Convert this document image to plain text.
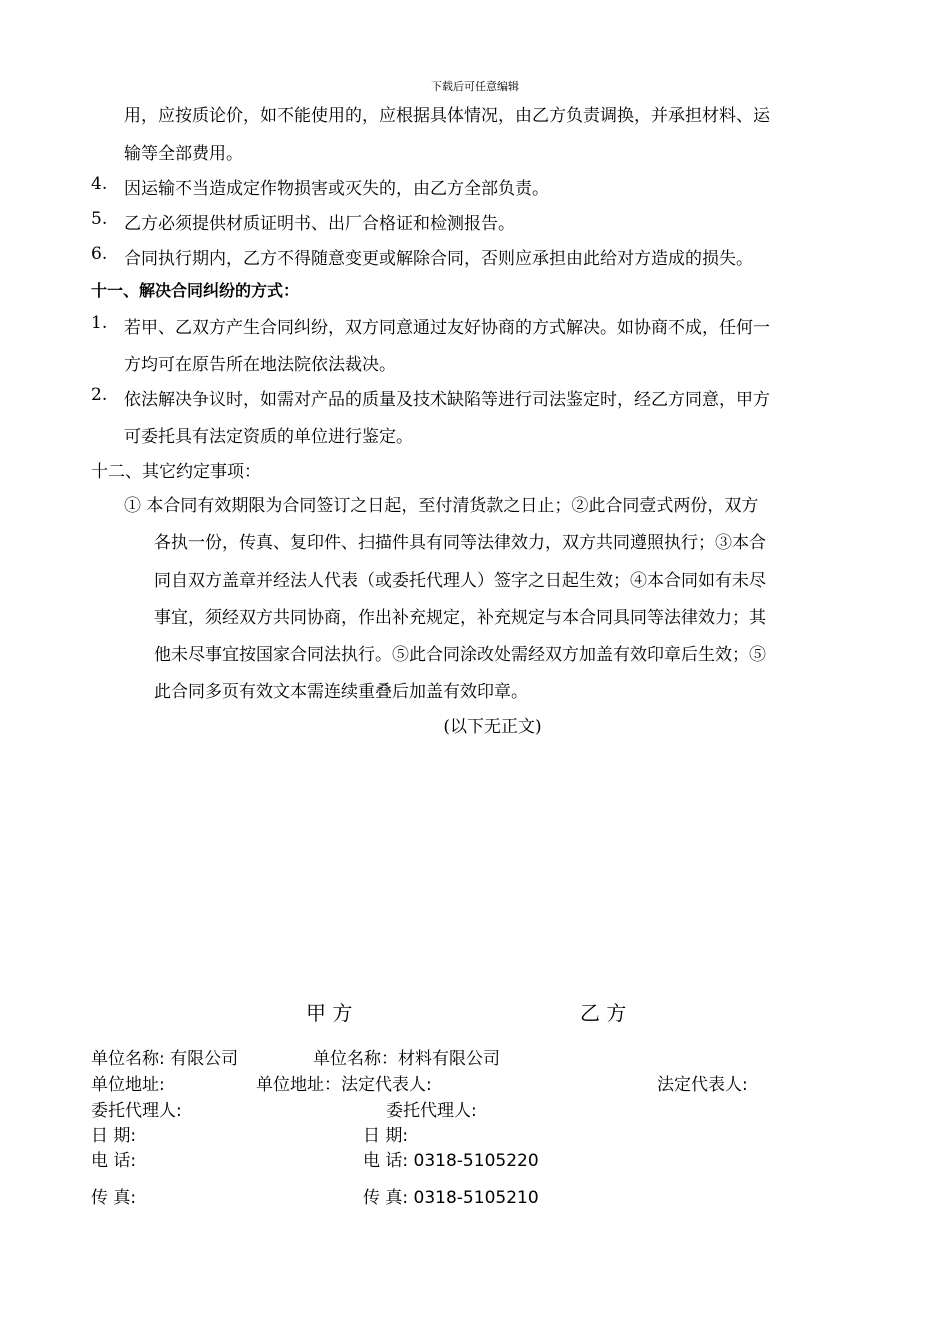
下载后可任意编辑
用，应按质论价，如不能使用的，应根据具体情况，由乙方负责调换，并承担材料、运
输等全部费用。
4. 因运输不当造成定作物损害或灭失的，由乙方全部负责。
5. 乙方必须提供材质证明书、出厂合格证和检测报告。
6. 合同执行期内，乙方不得随意变更或解除合同，否则应承担由此给对方造成的损失。
十一、解决合同纠纷的方式：
1. 若甲、乙双方产生合同纠纷，双方同意通过友好协商的方式解决。如协商不成，任何一
方均可在原告所在地法院依法裁决。
2. 依法解决争议时，如需对产品的质量及技术缺陷等进行司法鉴定时，经乙方同意，甲方
可委托具有法定资质的单位进行鉴定。
十二、其它约定事项：
① 本合同有效期限为合同签订之日起，至付清货款之日止；②此合同壹式两份，双方
各执一份，传真、复印件、扫描件具有同等法律效力，双方共同遵照执行；③本合
同自双方盖章并经法人代表（或委托代理人）签字之日起生效；④本合同如有未尽
事宜，须经双方共同协商，作出补充规定，补充规定与本合同具同等法律效力；其
他未尽事宜按国家合同法执行。⑤此合同涂改处需经双方加盖有效印章后生效；⑤
此合同多页有效文本需连续重叠后加盖有效印章。
(以下无正文)
甲 方	乙 方
单位名称: 有限公司	单位名称：材料有限公司
单位地址:	单位地址：法定代表人:	法定代表人:
委托代理人:	委托代理人:
日 期:	日 期:
电 话:	电 话: 0318-5105220
传 真:	传 真: 0318-5105210
